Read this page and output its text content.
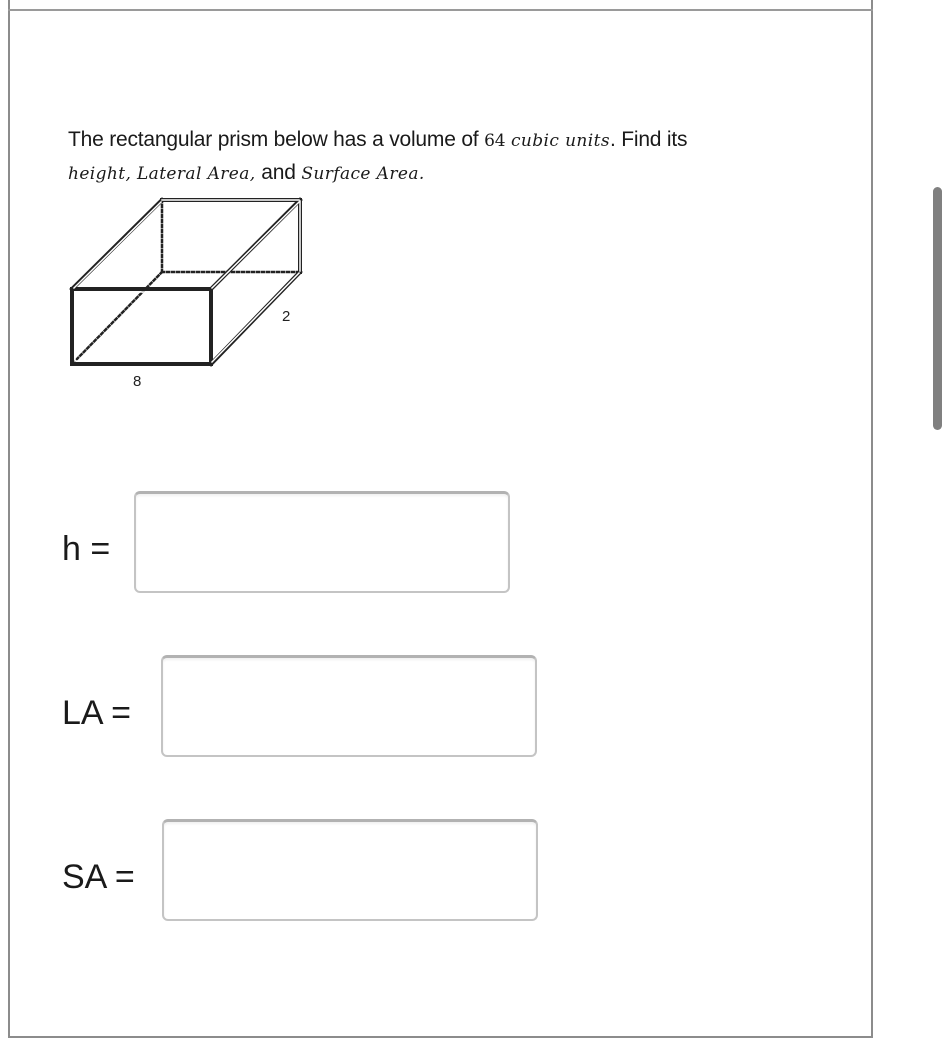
The rectangular prism below has a volume of 64 cubic units. Find its
height, Lateral Area, and Surface Area.
2
8
h =
LA =
SA =
